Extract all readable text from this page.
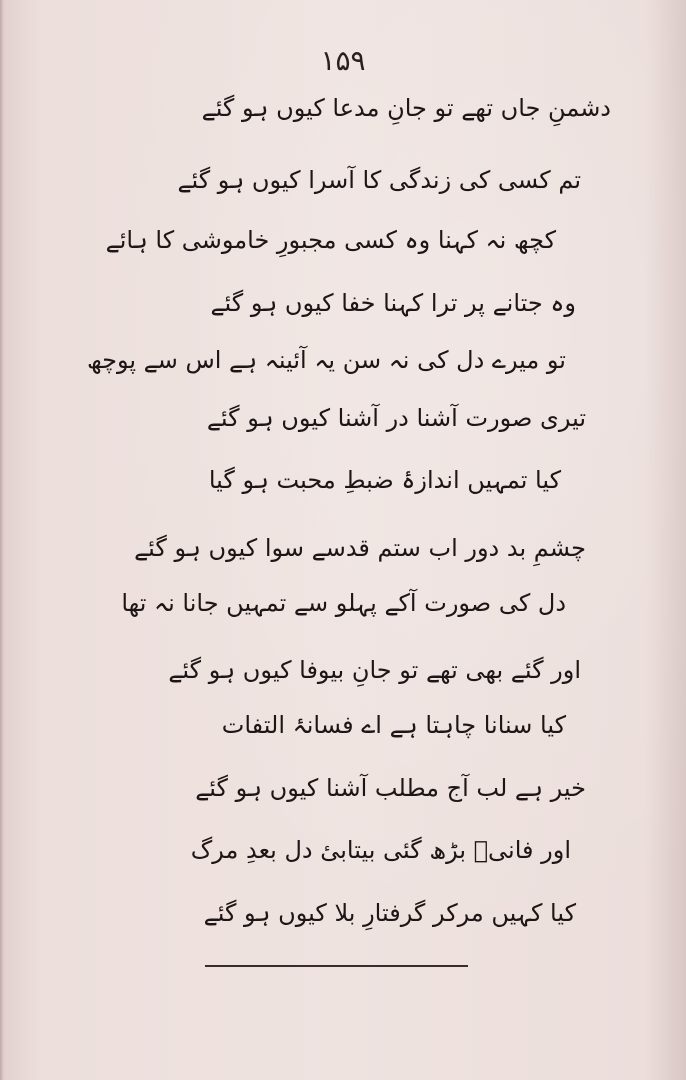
۱۵۹
دشمنِ جاں تھے تو جانِ مدعا کیوں ہو گئے
تم کسی کی زندگی کا آسرا کیوں ہو گئے
کچھ نہ کہنا وہ کسی مجبورِ خاموشی کا ہائے
وہ جتانے پر ترا کہنا خفا کیوں ہو گئے
تو میرے دل کی نہ سن یہ آئینہ ہے اس سے پوچھ
تیری صورت آشنا در آشنا کیوں ہو گئے
کیا تمہیں اندازۂ ضبطِ محبت ہو گیا
چشمِ بد دور اب ستم قدسے سوا کیوں ہو گئے
دل کی صورت آکے پہلو سے تمہیں جانا نہ تھا
اور گئے بھی تھے تو جانِ بیوفا کیوں ہو گئے
کیا سنانا چاہتا ہے اے فسانۂ التفات
خیر ہے لب آج مطلب آشنا کیوں ہو گئے
اور فانیؔ بڑھ گئی بیتابیٔ دل بعدِ مرگ
کیا کہیں مرکر گرفتارِ بلا کیوں ہو گئے
